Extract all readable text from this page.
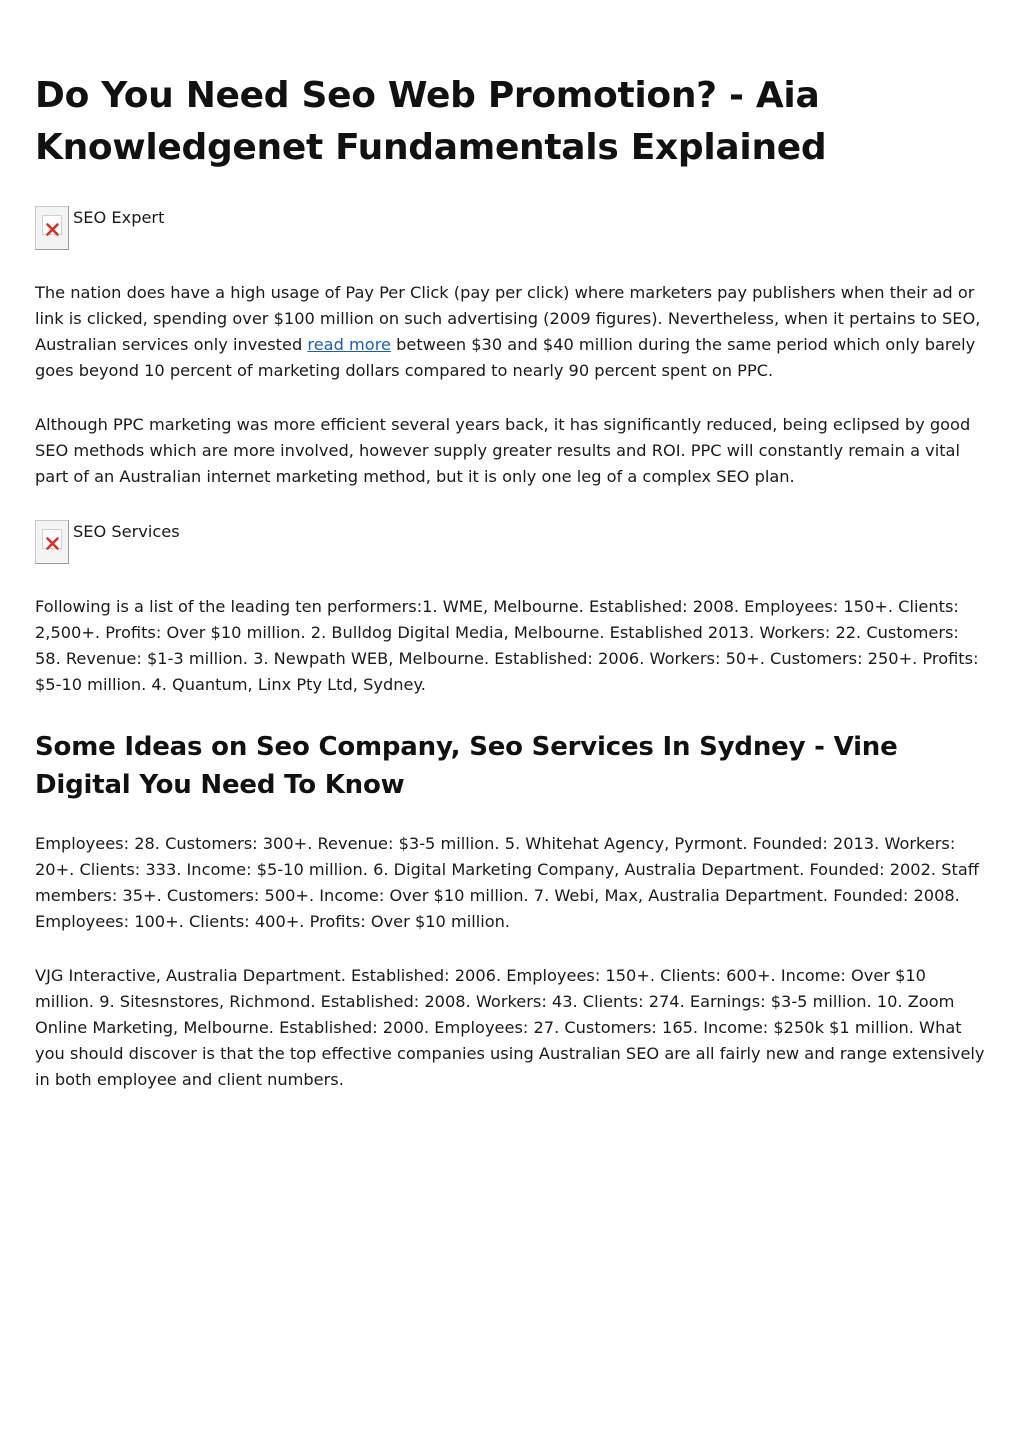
Do You Need Seo Web Promotion? - Aia Knowledgenet Fundamentals Explained
SEO Expert

The nation does have a high usage of Pay Per Click (pay per click) where marketers pay publishers when their ad or link is clicked, spending over $100 million on such advertising (2009 figures). Nevertheless, when it pertains to SEO, Australian services only invested read more between $30 and $40 million during the same period which only barely goes beyond 10 percent of marketing dollars compared to nearly 90 percent spent on PPC.

Although PPC marketing was more efficient several years back, it has significantly reduced, being eclipsed by good SEO methods which are more involved, however supply greater results and ROI. PPC will constantly remain a vital part of an Australian internet marketing method, but it is only one leg of a complex SEO plan.

SEO Services

Following is a list of the leading ten performers:1. WME, Melbourne. Established: 2008. Employees: 150+. Clients: 2,500+. Profits: Over $10 million. 2. Bulldog Digital Media, Melbourne. Established 2013. Workers: 22. Customers: 58. Revenue: $1-3 million. 3. Newpath WEB, Melbourne. Established: 2006. Workers: 50+. Customers: 250+. Profits: $5-10 million. 4. Quantum, Linx Pty Ltd, Sydney.

Some Ideas on Seo Company, Seo Services In Sydney - Vine Digital You Need To Know

Employees: 28. Customers: 300+. Revenue: $3-5 million. 5. Whitehat Agency, Pyrmont. Founded: 2013. Workers: 20+. Clients: 333. Income: $5-10 million. 6. Digital Marketing Company, Australia Department. Founded: 2002. Staff members: 35+. Customers: 500+. Income: Over $10 million. 7. Webi, Max, Australia Department. Founded: 2008. Employees: 100+. Clients: 400+. Profits: Over $10 million.

VJG Interactive, Australia Department. Established: 2006. Employees: 150+. Clients: 600+. Income: Over $10 million. 9. Sitesnstores, Richmond. Established: 2008. Workers: 43. Clients: 274. Earnings: $3-5 million. 10. Zoom Online Marketing, Melbourne. Established: 2000. Employees: 27. Customers: 165. Income: $250k $1 million. What you should discover is that the top effective companies using Australian SEO are all fairly new and range extensively in both employee and client numbers.
